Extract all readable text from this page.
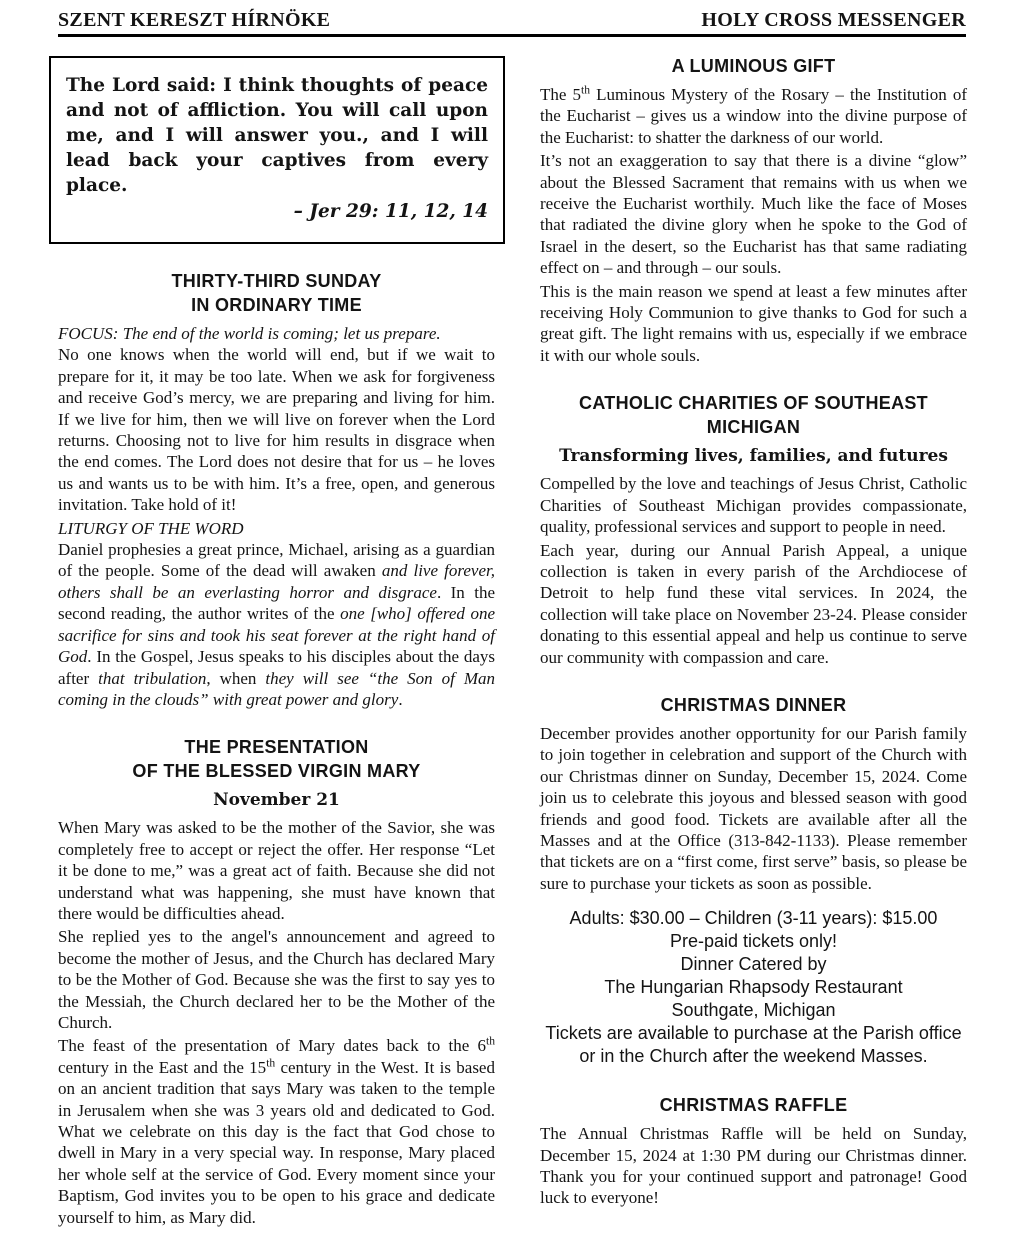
SZENT KERESZT HÍRNÖKE	HOLY CROSS MESSENGER
The Lord said: I think thoughts of peace and not of affliction. You will call upon me, and I will answer you., and I will lead back your captives from every place.
– Jer 29: 11, 12, 14
THIRTY-THIRD SUNDAY
IN ORDINARY TIME

FOCUS: The end of the world is coming; let us prepare.

No one knows when the world will end, but if we wait to prepare for it, it may be too late. When we ask for forgiveness and receive God’s mercy, we are preparing and living for him. If we live for him, then we will live on forever when the Lord returns. Choosing not to live for him results in disgrace when the end comes. The Lord does not desire that for us – he loves us and wants us to be with him. It’s a free, open, and generous invitation. Take hold of it!

LITURGY OF THE WORD

Daniel prophesies a great prince, Michael, arising as a guardian of the people. Some of the dead will awaken and live forever, others shall be an everlasting horror and disgrace. In the second reading, the author writes of the one [who] offered one sacrifice for sins and took his seat forever at the right hand of God. In the Gospel, Jesus speaks to his disciples about the days after that tribulation, when they will see “the Son of Man coming in the clouds” with great power and glory.

THE PRESENTATION
OF THE BLESSED VIRGIN MARY
November 21

When Mary was asked to be the mother of the Savior, she was completely free to accept or reject the offer. Her response “Let it be done to me,” was a great act of faith. Because she did not understand what was happening, she must have known that there would be difficulties ahead.

She replied yes to the angel's announcement and agreed to become the mother of Jesus, and the Church has declared Mary to be the Mother of God. Because she was the first to say yes to the Messiah, the Church declared her to be the Mother of the Church.

The feast of the presentation of Mary dates back to the 6th century in the East and the 15th century in the West. It is based on an ancient tradition that says Mary was taken to the temple in Jerusalem when she was 3 years old and dedicated to God. What we celebrate on this day is the fact that God chose to dwell in Mary in a very special way. In response, Mary placed her whole self at the service of God. Every moment since your Baptism, God invites you to be open to his grace and dedicate yourself to him, as Mary did.

A LUMINOUS GIFT

The 5th Luminous Mystery of the Rosary – the Institution of the Eucharist – gives us a window into the divine purpose of the Eucharist: to shatter the darkness of our world.

It’s not an exaggeration to say that there is a divine “glow” about the Blessed Sacrament that remains with us when we receive the Eucharist worthily. Much like the face of Moses that radiated the divine glory when he spoke to the God of Israel in the desert, so the Eucharist has that same radiating effect on – and through – our souls.

This is the main reason we spend at least a few minutes after receiving Holy Communion to give thanks to God for such a great gift. The light remains with us, especially if we embrace it with our whole souls.

CATHOLIC CHARITIES OF SOUTHEAST
MICHIGAN
Transforming lives, families, and futures

Compelled by the love and teachings of Jesus Christ, Catholic Charities of Southeast Michigan provides compassionate, quality, professional services and support to people in need.

Each year, during our Annual Parish Appeal, a unique collection is taken in every parish of the Archdiocese of Detroit to help fund these vital services. In 2024, the collection will take place on November 23-24. Please consider donating to this essential appeal and help us continue to serve our community with compassion and care.

CHRISTMAS DINNER

December provides another opportunity for our Parish family to join together in celebration and support of the Church with our Christmas dinner on Sunday, December 15, 2024. Come join us to celebrate this joyous and blessed season with good friends and good food. Tickets are available after all the Masses and at the Office (313-842-1133). Please remember that tickets are on a “first come, first serve” basis, so please be sure to purchase your tickets as soon as possible.

Adults: $30.00 – Children (3-11 years): $15.00
Pre-paid tickets only!
Dinner Catered by
The Hungarian Rhapsody Restaurant
Southgate, Michigan
Tickets are available to purchase at the Parish office
or in the Church after the weekend Masses.
CHRISTMAS RAFFLE

The Annual Christmas Raffle will be held on Sunday, December 15, 2024 at 1:30 PM during our Christmas dinner. Thank you for your continued support and patronage! Good luck to everyone!
